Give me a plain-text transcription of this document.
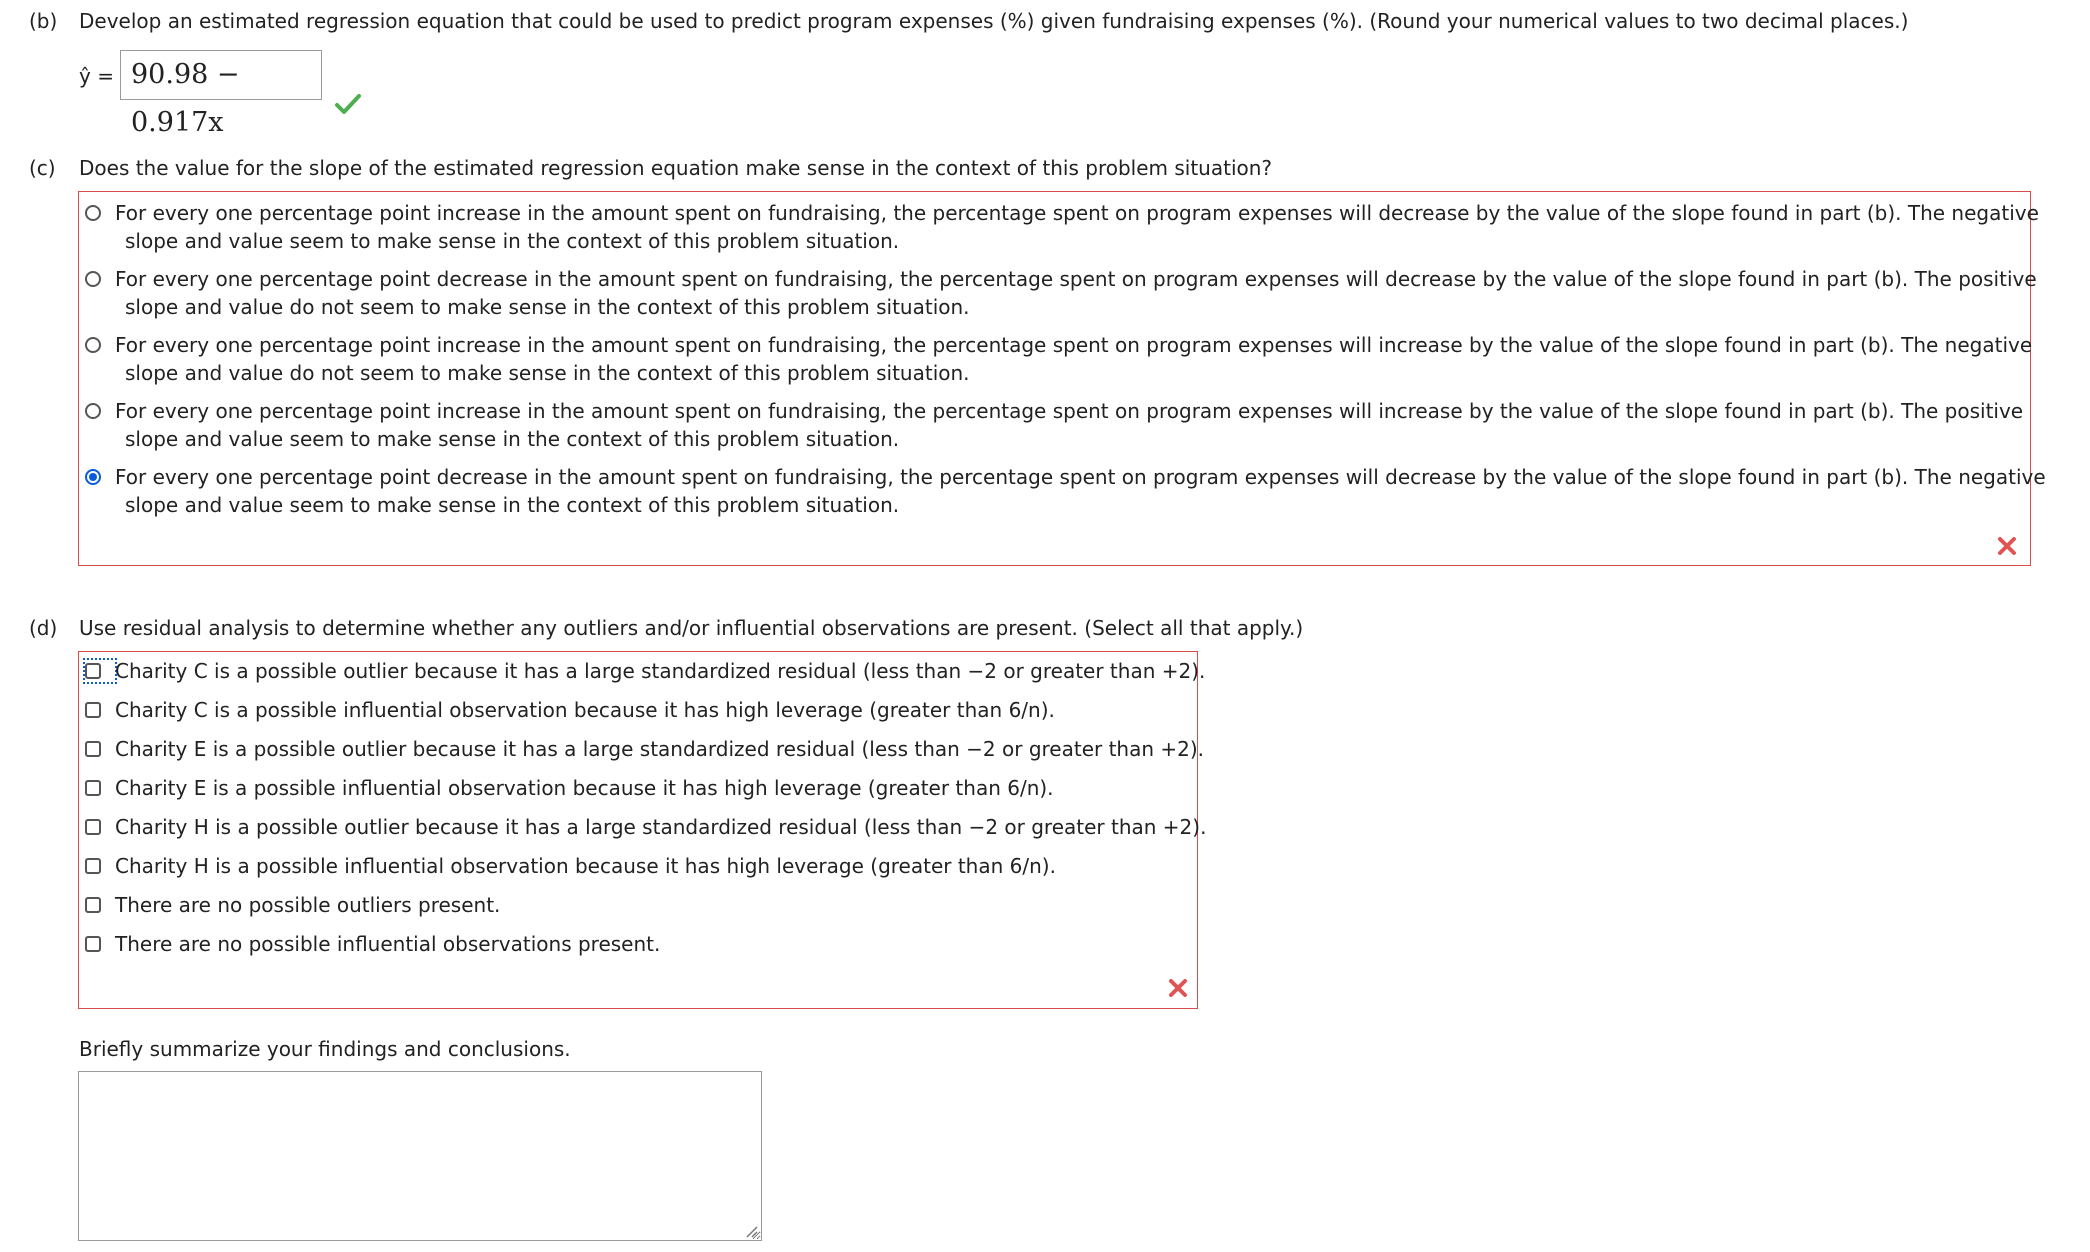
(b) Develop an estimated regression equation that could be used to predict program expenses (%) given fundraising expenses (%). (Round your numerical values to two decimal places.)
ŷ = 90.98 − 0.917x
(c) Does the value for the slope of the estimated regression equation make sense in the context of this problem situation?
For every one percentage point increase in the amount spent on fundraising, the percentage spent on program expenses will decrease by the value of the slope found in part (b). The negative
slope and value seem to make sense in the context of this problem situation.
For every one percentage point decrease in the amount spent on fundraising, the percentage spent on program expenses will decrease by the value of the slope found in part (b). The positive
slope and value do not seem to make sense in the context of this problem situation.
For every one percentage point increase in the amount spent on fundraising, the percentage spent on program expenses will increase by the value of the slope found in part (b). The negative
slope and value do not seem to make sense in the context of this problem situation.
For every one percentage point increase in the amount spent on fundraising, the percentage spent on program expenses will increase by the value of the slope found in part (b). The positive
slope and value seem to make sense in the context of this problem situation.
For every one percentage point decrease in the amount spent on fundraising, the percentage spent on program expenses will decrease by the value of the slope found in part (b). The negative
slope and value seem to make sense in the context of this problem situation.
(d) Use residual analysis to determine whether any outliers and/or influential observations are present. (Select all that apply.)
Charity C is a possible outlier because it has a large standardized residual (less than −2 or greater than +2).
Charity C is a possible influential observation because it has high leverage (greater than 6/n).
Charity E is a possible outlier because it has a large standardized residual (less than −2 or greater than +2).
Charity E is a possible influential observation because it has high leverage (greater than 6/n).
Charity H is a possible outlier because it has a large standardized residual (less than −2 or greater than +2).
Charity H is a possible influential observation because it has high leverage (greater than 6/n).
There are no possible outliers present.
There are no possible influential observations present.
Briefly summarize your findings and conclusions.
